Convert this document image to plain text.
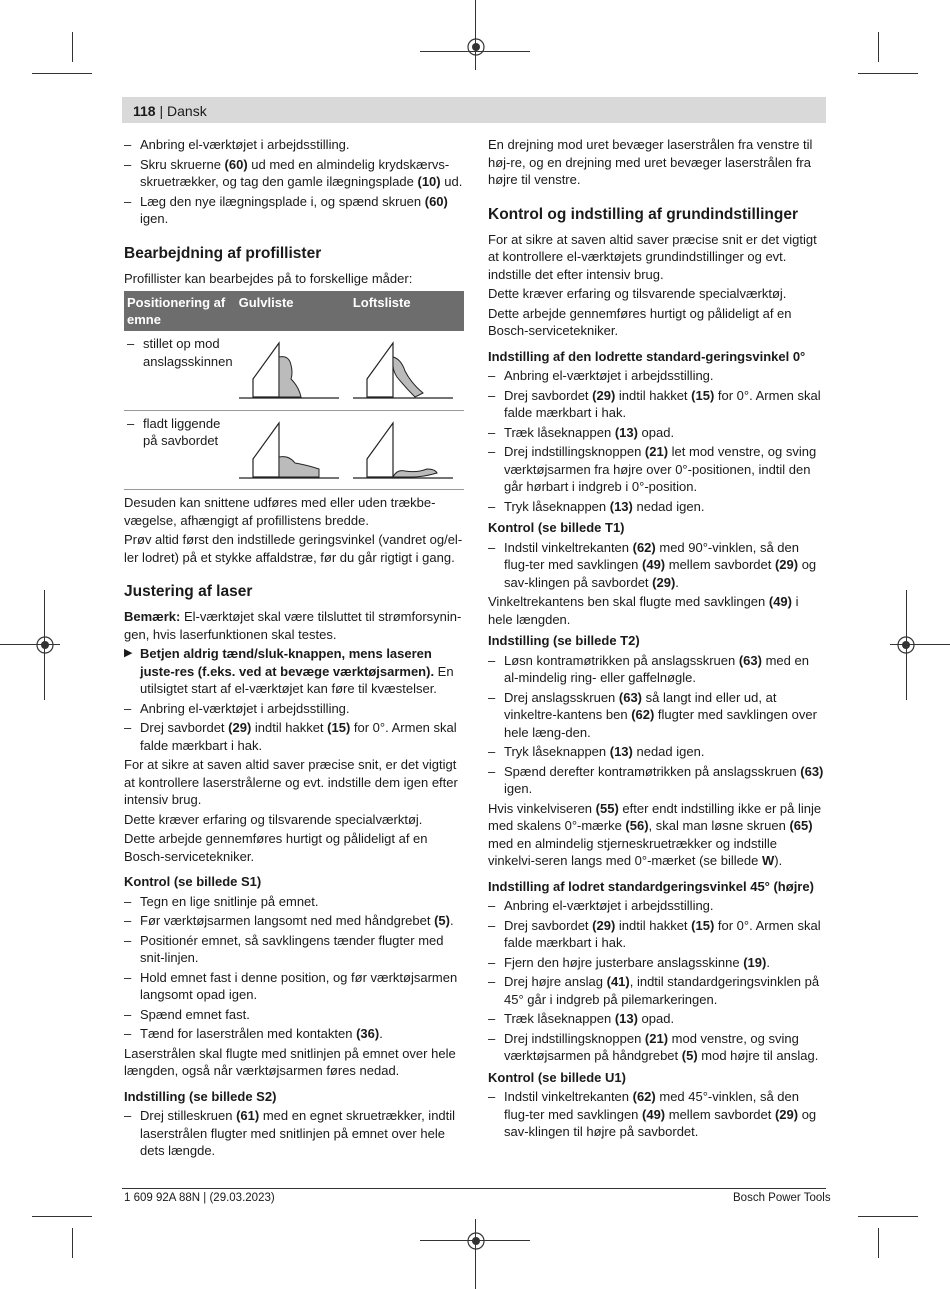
118 | Dansk
– Anbring el-værktøjet i arbejdsstilling.
– Skru skruerne (60) ud med en almindelig krydskærvs-skruetrækker, og tag den gamle ilægningsplade (10) ud.
– Læg den nye ilægningsplade i, og spænd skruen (60) igen.
Bearbejdning af profillister

Profillister kan bearbejdes på to forskellige måder:

Positionering af emne	Gulvliste	Loftsliste

– stillet op mod anslagsskinnen

– fladt liggende på savbordet

Desuden kan snittene udføres med eller uden trækbe-vægelse, afhængigt af profillistens bredde.

Prøv altid først den indstillede geringsvinkel (vandret og/el-ler lodret) på et stykke affaldstræ, før du går rigtigt i gang.

Justering af laser

Bemærk: El-værktøjet skal være tilsluttet til strømforsynin-gen, hvis laserfunktionen skal testes.

▶ Betjen aldrig tænd/sluk-knappen, mens laseren juste-res (f.eks. ved at bevæge værktøjsarmen). En utilsigtet start af el-værktøjet kan føre til kvæstelser.
– Anbring el-værktøjet i arbejdsstilling.
– Drej savbordet (29) indtil hakket (15) for 0°. Armen skal falde mærkbart i hak.

For at sikre at saven altid saver præcise snit, er det vigtigt at kontrollere laserstrålerne og evt. indstille dem igen efter intensiv brug.

Dette kræver erfaring og tilsvarende specialværktøj.

Dette arbejde gennemføres hurtigt og pålideligt af en Bosch-servicetekniker.

Kontrol (se billede S1)
– Tegn en lige snitlinje på emnet.
– Før værktøjsarmen langsomt ned med håndgrebet (5).
– Positionér emnet, så savklingens tænder flugter med snit-linjen.
– Hold emnet fast i denne position, og før værktøjsarmen langsomt opad igen.
– Spænd emnet fast.
– Tænd for laserstrålen med kontakten (36).

Laserstrålen skal flugte med snitlinjen på emnet over hele længden, også når værktøjsarmen føres nedad.

Indstilling (se billede S2)
– Drej stilleskruen (61) med en egnet skruetrækker, indtil laserstrålen flugter med snitlinjen på emnet over hele dets længde.

En drejning mod uret bevæger laserstrålen fra venstre til høj-re, og en drejning med uret bevæger laserstrålen fra højre til venstre.

Kontrol og indstilling af grundindstillinger

For at sikre at saven altid saver præcise snit er det vigtigt at kontrollere el-værktøjets grundindstillinger og evt. indstille det efter intensiv brug.

Dette kræver erfaring og tilsvarende specialværktøj.

Dette arbejde gennemføres hurtigt og pålideligt af en Bosch-servicetekniker.

Indstilling af den lodrette standard-geringsvinkel 0°
– Anbring el-værktøjet i arbejdsstilling.
– Drej savbordet (29) indtil hakket (15) for 0°. Armen skal falde mærkbart i hak.
– Træk låseknappen (13) opad.
– Drej indstillingsknoppen (21) let mod venstre, og sving værktøjsarmen fra højre over 0°-positionen, indtil den går hørbart i indgreb i 0°-position.
– Tryk låseknappen (13) nedad igen.
Kontrol (se billede T1)
– Indstil vinkeltrekanten (62) med 90°-vinklen, så den flug-ter med savklingen (49) mellem savbordet (29) og sav-klingen på savbordet (29).

Vinkeltrekantens ben skal flugte med savklingen (49) i hele længden.

Indstilling (se billede T2)
– Løsn kontramøtrikken på anslagsskruen (63) med en al-mindelig ring- eller gaffelnøgle.
– Drej anslagsskruen (63) så langt ind eller ud, at vinkeltre-kantens ben (62) flugter med savklingen over hele læng-den.
– Tryk låseknappen (13) nedad igen.
– Spænd derefter kontramøtrikken på anslagsskruen (63) igen.

Hvis vinkelviseren (55) efter endt indstilling ikke er på linje med skalens 0°-mærke (56), skal man løsne skruen (65) med en almindelig stjerneskruetrækker og indstille vinkelvi-seren langs med 0°-mærket (se billede W).

Indstilling af lodret standardgeringsvinkel 45° (højre)
– Anbring el-værktøjet i arbejdsstilling.
– Drej savbordet (29) indtil hakket (15) for 0°. Armen skal falde mærkbart i hak.
– Fjern den højre justerbare anslagsskinne (19).
– Drej højre anslag (41), indtil standardgeringsvinklen på 45° går i indgreb på pilemarkeringen.
– Træk låseknappen (13) opad.
– Drej indstillingsknoppen (21) mod venstre, og sving værktøjsarmen på håndgrebet (5) mod højre til anslag.
Kontrol (se billede U1)
– Indstil vinkeltrekanten (62) med 45°-vinklen, så den flug-ter med savklingen (49) mellem savbordet (29) og sav-klingen til højre på savbordet.
1 609 92A 88N | (29.03.2023)	Bosch Power Tools
